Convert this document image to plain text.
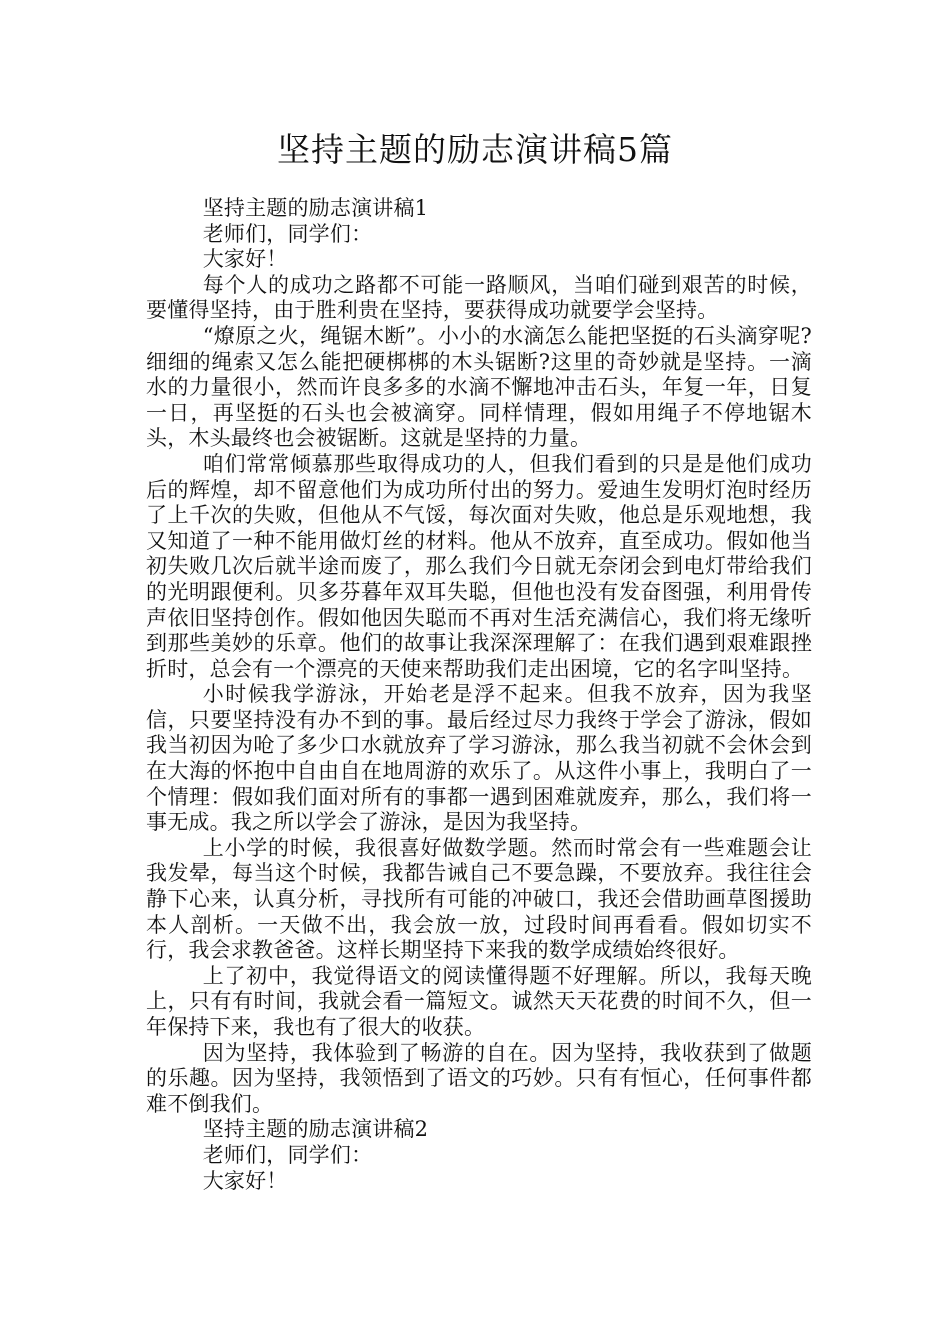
坚持主题的励志演讲稿5篇

坚持主题的励志演讲稿1

老师们，同学们：

大家好！

每个人的成功之路都不可能一路顺风，当咱们碰到艰苦的时候，要懂得坚持，由于胜利贵在坚持，要获得成功就要学会坚持。

“燎原之火，绳锯木断”。小小的水滴怎么能把坚挺的石头滴穿呢?细细的绳索又怎么能把硬梆梆的木头锯断?这里的奇妙就是坚持。一滴水的力量很小，然而许良多多的水滴不懈地冲击石头，年复一年，日复一日，再坚挺的石头也会被滴穿。同样情理，假如用绳子不停地锯木头，木头最终也会被锯断。这就是坚持的力量。

咱们常常倾慕那些取得成功的人，但我们看到的只是是他们成功后的辉煌，却不留意他们为成功所付出的努力。爱迪生发明灯泡时经历了上千次的失败，但他从不气馁，每次面对失败，他总是乐观地想，我又知道了一种不能用做灯丝的材料。他从不放弃，直至成功。假如他当初失败几次后就半途而废了，那么我们今日就无奈闭会到电灯带给我们的光明跟便利。贝多芬暮年双耳失聪，但他也没有发奋图强，利用骨传声依旧坚持创作。假如他因失聪而不再对生活充满信心，我们将无缘听到那些美妙的乐章。他们的故事让我深深理解了：在我们遇到艰难跟挫折时，总会有一个漂亮的天使来帮助我们走出困境，它的名字叫坚持。

小时候我学游泳，开始老是浮不起来。但我不放弃，因为我坚信，只要坚持没有办不到的事。最后经过尽力我终于学会了游泳，假如我当初因为呛了多少口水就放弃了学习游泳，那么我当初就不会休会到在大海的怀抱中自由自在地周游的欢乐了。从这件小事上，我明白了一个情理：假如我们面对所有的事都一遇到困难就废弃，那么，我们将一事无成。我之所以学会了游泳，是因为我坚持。

上小学的时候，我很喜好做数学题。然而时常会有一些难题会让我发晕，每当这个时候，我都告诫自己不要急躁，不要放弃。我往往会静下心来，认真分析，寻找所有可能的冲破口，我还会借助画草图援助本人剖析。一天做不出，我会放一放，过段时间再看看。假如切实不行，我会求教爸爸。这样长期坚持下来我的数学成绩始终很好。

上了初中，我觉得语文的阅读懂得题不好理解。所以，我每天晚上，只有有时间，我就会看一篇短文。诚然天天花费的时间不久，但一年保持下来，我也有了很大的收获。

因为坚持，我体验到了畅游的自在。因为坚持，我收获到了做题的乐趣。因为坚持，我领悟到了语文的巧妙。只有有恒心，任何事件都难不倒我们。

坚持主题的励志演讲稿2

老师们，同学们：

大家好！
